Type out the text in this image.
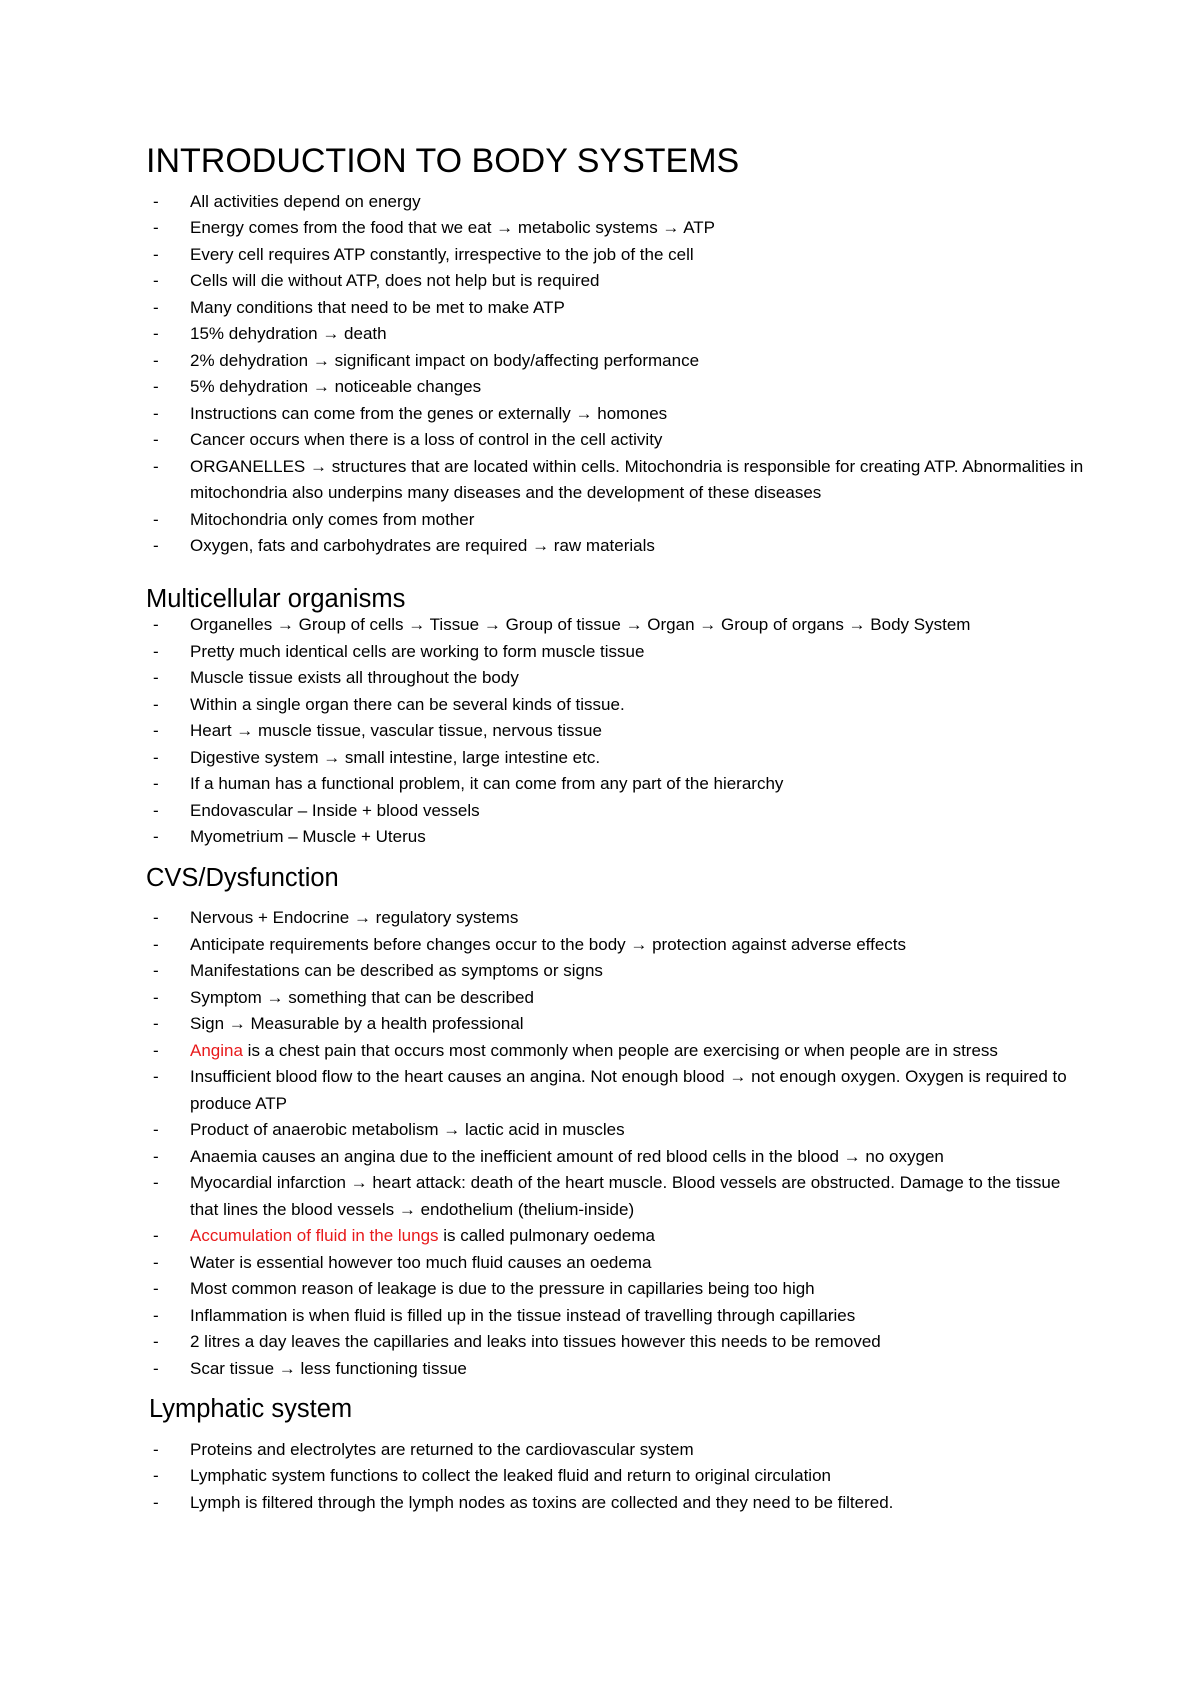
INTRODUCTION TO BODY SYSTEMS
- All activities depend on energy
- Energy comes from the food that we eat → metabolic systems → ATP
- Every cell requires ATP constantly, irrespective to the job of the cell
- Cells will die without ATP, does not help but is required
- Many conditions that need to be met to make ATP
- 15% dehydration → death
- 2% dehydration → significant impact on body/affecting performance
- 5% dehydration → noticeable changes
- Instructions can come from the genes or externally → homones
- Cancer occurs when there is a loss of control in the cell activity
- ORGANELLES → structures that are located within cells. Mitochondria is responsible for creating ATP. Abnormalities in mitochondria also underpins many diseases and the development of these diseases
- Mitochondria only comes from mother
- Oxygen, fats and carbohydrates are required → raw materials
Multicellular organisms
- Organelles → Group of cells → Tissue → Group of tissue → Organ → Group of organs → Body System
- Pretty much identical cells are working to form muscle tissue
- Muscle tissue exists all throughout the body
- Within a single organ there can be several kinds of tissue.
- Heart → muscle tissue, vascular tissue, nervous tissue
- Digestive system → small intestine, large intestine etc.
- If a human has a functional problem, it can come from any part of the hierarchy
- Endovascular – Inside + blood vessels
- Myometrium – Muscle + Uterus
CVS/Dysfunction
- Nervous + Endocrine → regulatory systems
- Anticipate requirements before changes occur to the body → protection against adverse effects
- Manifestations can be described as symptoms or signs
- Symptom → something that can be described
- Sign → Measurable by a health professional
- Angina is a chest pain that occurs most commonly when people are exercising or when people are in stress
- Insufficient blood flow to the heart causes an angina. Not enough blood → not enough oxygen. Oxygen is required to produce ATP
- Product of anaerobic metabolism → lactic acid in muscles
- Anaemia causes an angina due to the inefficient amount of red blood cells in the blood → no oxygen
- Myocardial infarction → heart attack: death of the heart muscle. Blood vessels are obstructed. Damage to the tissue that lines the blood vessels → endothelium (thelium-inside)
- Accumulation of fluid in the lungs is called pulmonary oedema
- Water is essential however too much fluid causes an oedema
- Most common reason of leakage is due to the pressure in capillaries being too high
- Inflammation is when fluid is filled up in the tissue instead of travelling through capillaries
- 2 litres a day leaves the capillaries and leaks into tissues however this needs to be removed
- Scar tissue → less functioning tissue
Lymphatic system
- Proteins and electrolytes are returned to the cardiovascular system
- Lymphatic system functions to collect the leaked fluid and return to original circulation
- Lymph is filtered through the lymph nodes as toxins are collected and they need to be filtered.
